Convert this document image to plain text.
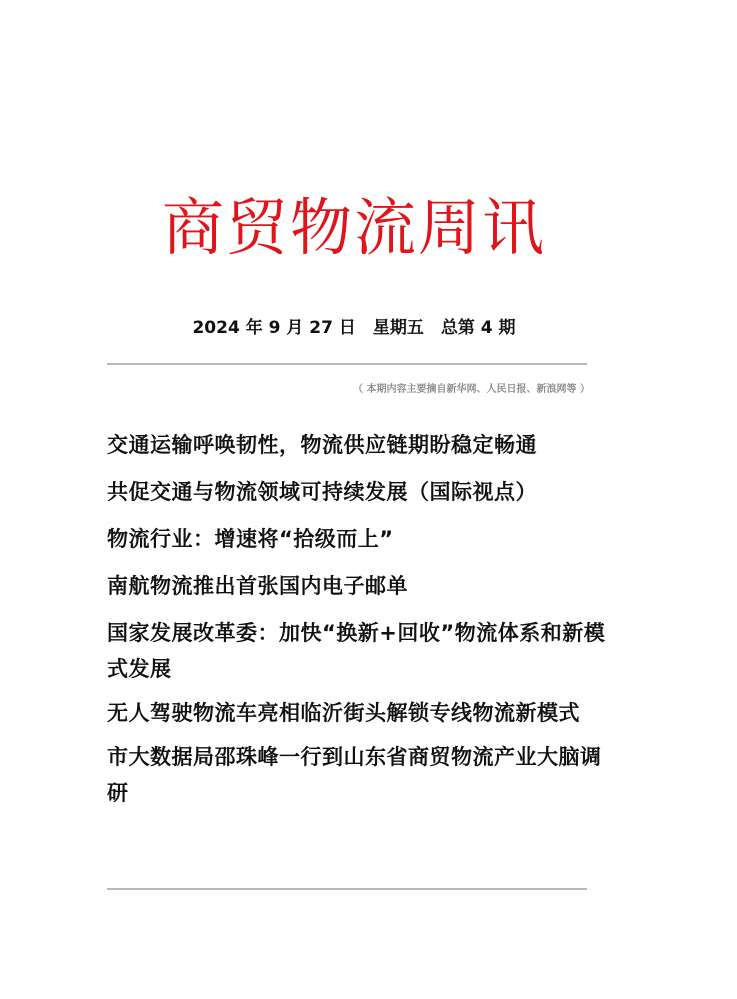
商贸物流周讯
2024 年 9 月 27 日　星期五　总第 4 期
（ 本期内容主要摘自新华网、人民日报、新浪网等 ）
交通运输呼唤韧性，物流供应链期盼稳定畅通
共促交通与物流领域可持续发展（国际视点）
物流行业：增速将“拾级而上”
南航物流推出首张国内电子邮单
国家发展改革委：加快“换新+回收”物流体系和新模式发展
无人驾驶物流车亮相临沂街头解锁专线物流新模式
市大数据局邵珠峰一行到山东省商贸物流产业大脑调研
